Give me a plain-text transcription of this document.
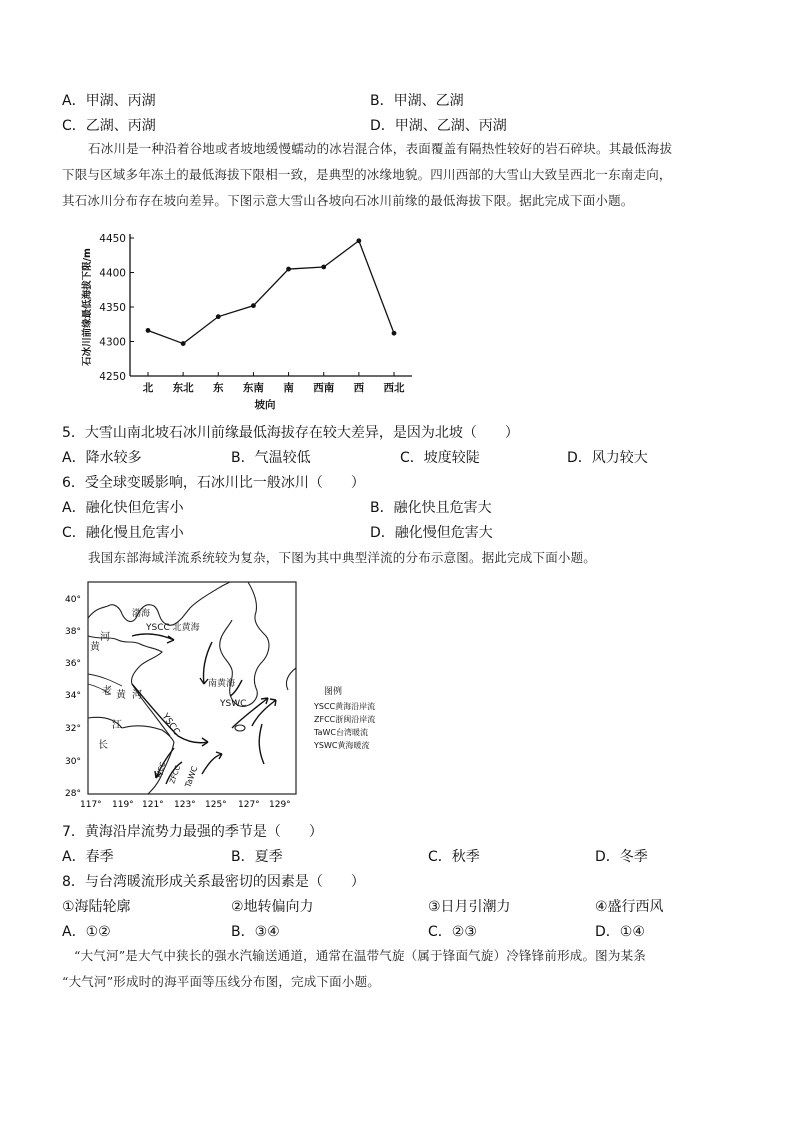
A．甲湖、丙湖	B．甲湖、乙湖
C．乙湖、丙湖	D．甲湖、乙湖、丙湖
石冰川是一种沿着谷地或者坡地缓慢蠕动的冰岩混合体，表面覆盖有隔热性较好的岩石碎块。其最低海拔
下限与区域多年冻土的最低海拔下限相一致，是典型的冰缘地貌。四川西部的大雪山大致呈西北一东南走向，
其石冰川分布存在坡向差异。下图示意大雪山各坡向石冰川前缘的最低海拔下限。据此完成下面小题。
4450
4400
4350
4300
4250
北 东北 东 东南 南 西南 西 西北
坡向
石冰川前缘最低海拔下限/m
5．大雪山南北坡石冰川前缘最低海拔存在较大差异，是因为北坡（　　）
A．降水较多	B．气温较低	C．坡度较陡	D．风力较大
6．受全球变暖影响，石冰川比一般冰川（　　）
A．融化快但危害小	B．融化快且危害大
C．融化慢且危害小	D．融化慢但危害大
我国东部海域洋流系统较为复杂，下图为其中典型洋流的分布示意图。据此完成下面小题。
40°
38°
36°
34°
32°
30°
28°
117° 119° 121° 123° 125° 127° 129°
渤海
黄
河
YSCC 北黄海
老 黄 河
江
长
南黄海
YSWC
YSCC
FJCC ZFCC TaWC
图例
YSCC黄海沿岸流
ZFCC浙闽沿岸流
TaWC台湾暖流
YSWC黄海暖流
7．黄海沿岸流势力最强的季节是（　　）
A．春季	B．夏季	C．秋季	D．冬季
8．与台湾暖流形成关系最密切的因素是（　　）
①海陆轮廓	②地转偏向力	③日月引潮力	④盛行西风
A．①②	B．③④	C．②③	D．①④
“大气河”是大气中狭长的强水汽输送通道，通常在温带气旋（属于锋面气旋）冷锋锋前形成。图为某条
“大气河”形成时的海平面等压线分布图，完成下面小题。
